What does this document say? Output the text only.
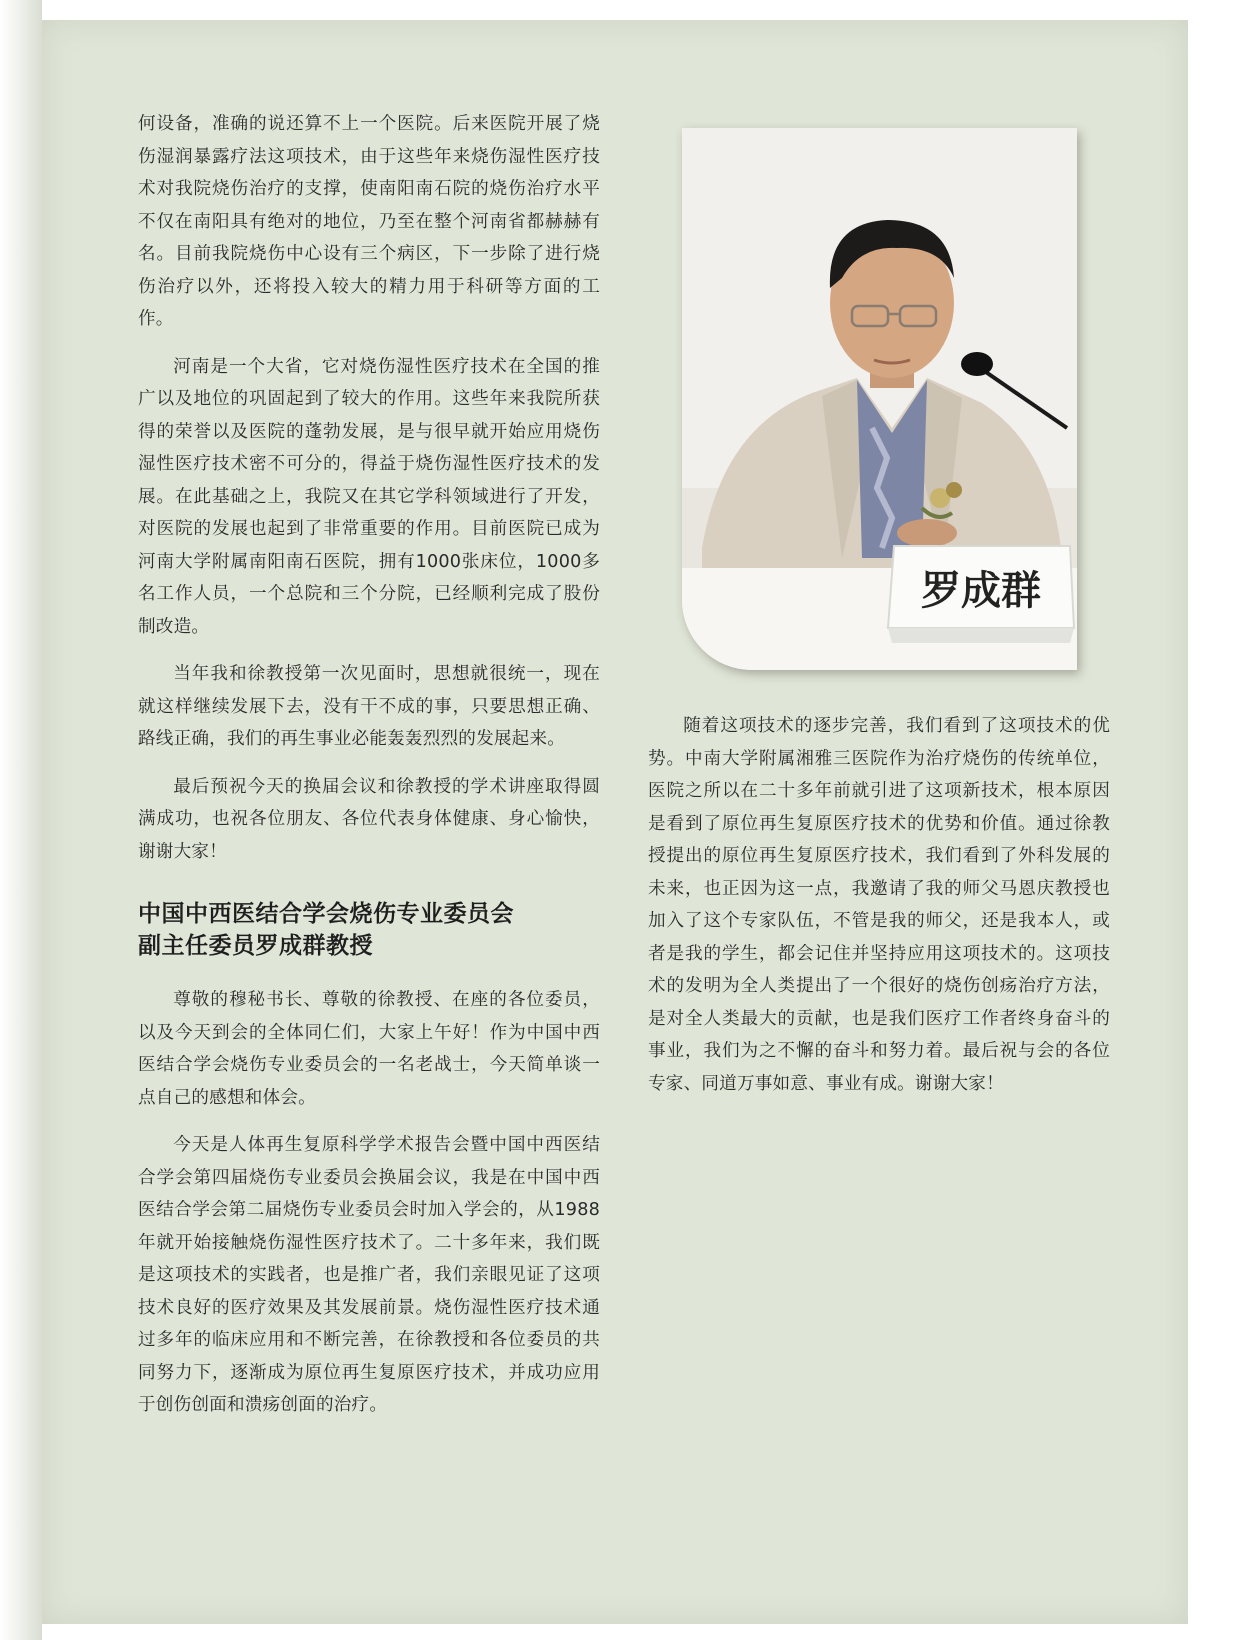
何设备，准确的说还算不上一个医院。后来医院开展了烧伤湿润暴露疗法这项技术，由于这些年来烧伤湿性医疗技术对我院烧伤治疗的支撑，使南阳南石院的烧伤治疗水平不仅在南阳具有绝对的地位，乃至在整个河南省都赫赫有名。目前我院烧伤中心设有三个病区，下一步除了进行烧伤治疗以外，还将投入较大的精力用于科研等方面的工作。

河南是一个大省，它对烧伤湿性医疗技术在全国的推广以及地位的巩固起到了较大的作用。这些年来我院所获得的荣誉以及医院的蓬勃发展，是与很早就开始应用烧伤湿性医疗技术密不可分的，得益于烧伤湿性医疗技术的发展。在此基础之上，我院又在其它学科领域进行了开发，对医院的发展也起到了非常重要的作用。目前医院已成为河南大学附属南阳南石医院，拥有1000张床位，1000多名工作人员，一个总院和三个分院，已经顺利完成了股份制改造。

当年我和徐教授第一次见面时，思想就很统一，现在就这样继续发展下去，没有干不成的事，只要思想正确、路线正确，我们的再生事业必能轰轰烈烈的发展起来。

最后预祝今天的换届会议和徐教授的学术讲座取得圆满成功，也祝各位朋友、各位代表身体健康、身心愉快，谢谢大家！

中国中西医结合学会烧伤专业委员会
副主任委员罗成群教授

尊敬的穆秘书长、尊敬的徐教授、在座的各位委员，以及今天到会的全体同仁们，大家上午好！作为中国中西医结合学会烧伤专业委员会的一名老战士，今天简单谈一点自己的感想和体会。

今天是人体再生复原科学学术报告会暨中国中西医结合学会第四届烧伤专业委员会换届会议，我是在中国中西医结合学会第二届烧伤专业委员会时加入学会的，从1988年就开始接触烧伤湿性医疗技术了。二十多年来，我们既是这项技术的实践者，也是推广者，我们亲眼见证了这项技术良好的医疗效果及其发展前景。烧伤湿性医疗技术通过多年的临床应用和不断完善，在徐教授和各位委员的共同努力下，逐渐成为原位再生复原医疗技术，并成功应用于创伤创面和溃疡创面的治疗。

罗成群

随着这项技术的逐步完善，我们看到了这项技术的优势。中南大学附属湘雅三医院作为治疗烧伤的传统单位，医院之所以在二十多年前就引进了这项新技术，根本原因是看到了原位再生复原医疗技术的优势和价值。通过徐教授提出的原位再生复原医疗技术，我们看到了外科发展的未来，也正因为这一点，我邀请了我的师父马恩庆教授也加入了这个专家队伍，不管是我的师父，还是我本人，或者是我的学生，都会记住并坚持应用这项技术的。这项技术的发明为全人类提出了一个很好的烧伤创疡治疗方法，是对全人类最大的贡献，也是我们医疗工作者终身奋斗的事业，我们为之不懈的奋斗和努力着。最后祝与会的各位专家、同道万事如意、事业有成。谢谢大家！
